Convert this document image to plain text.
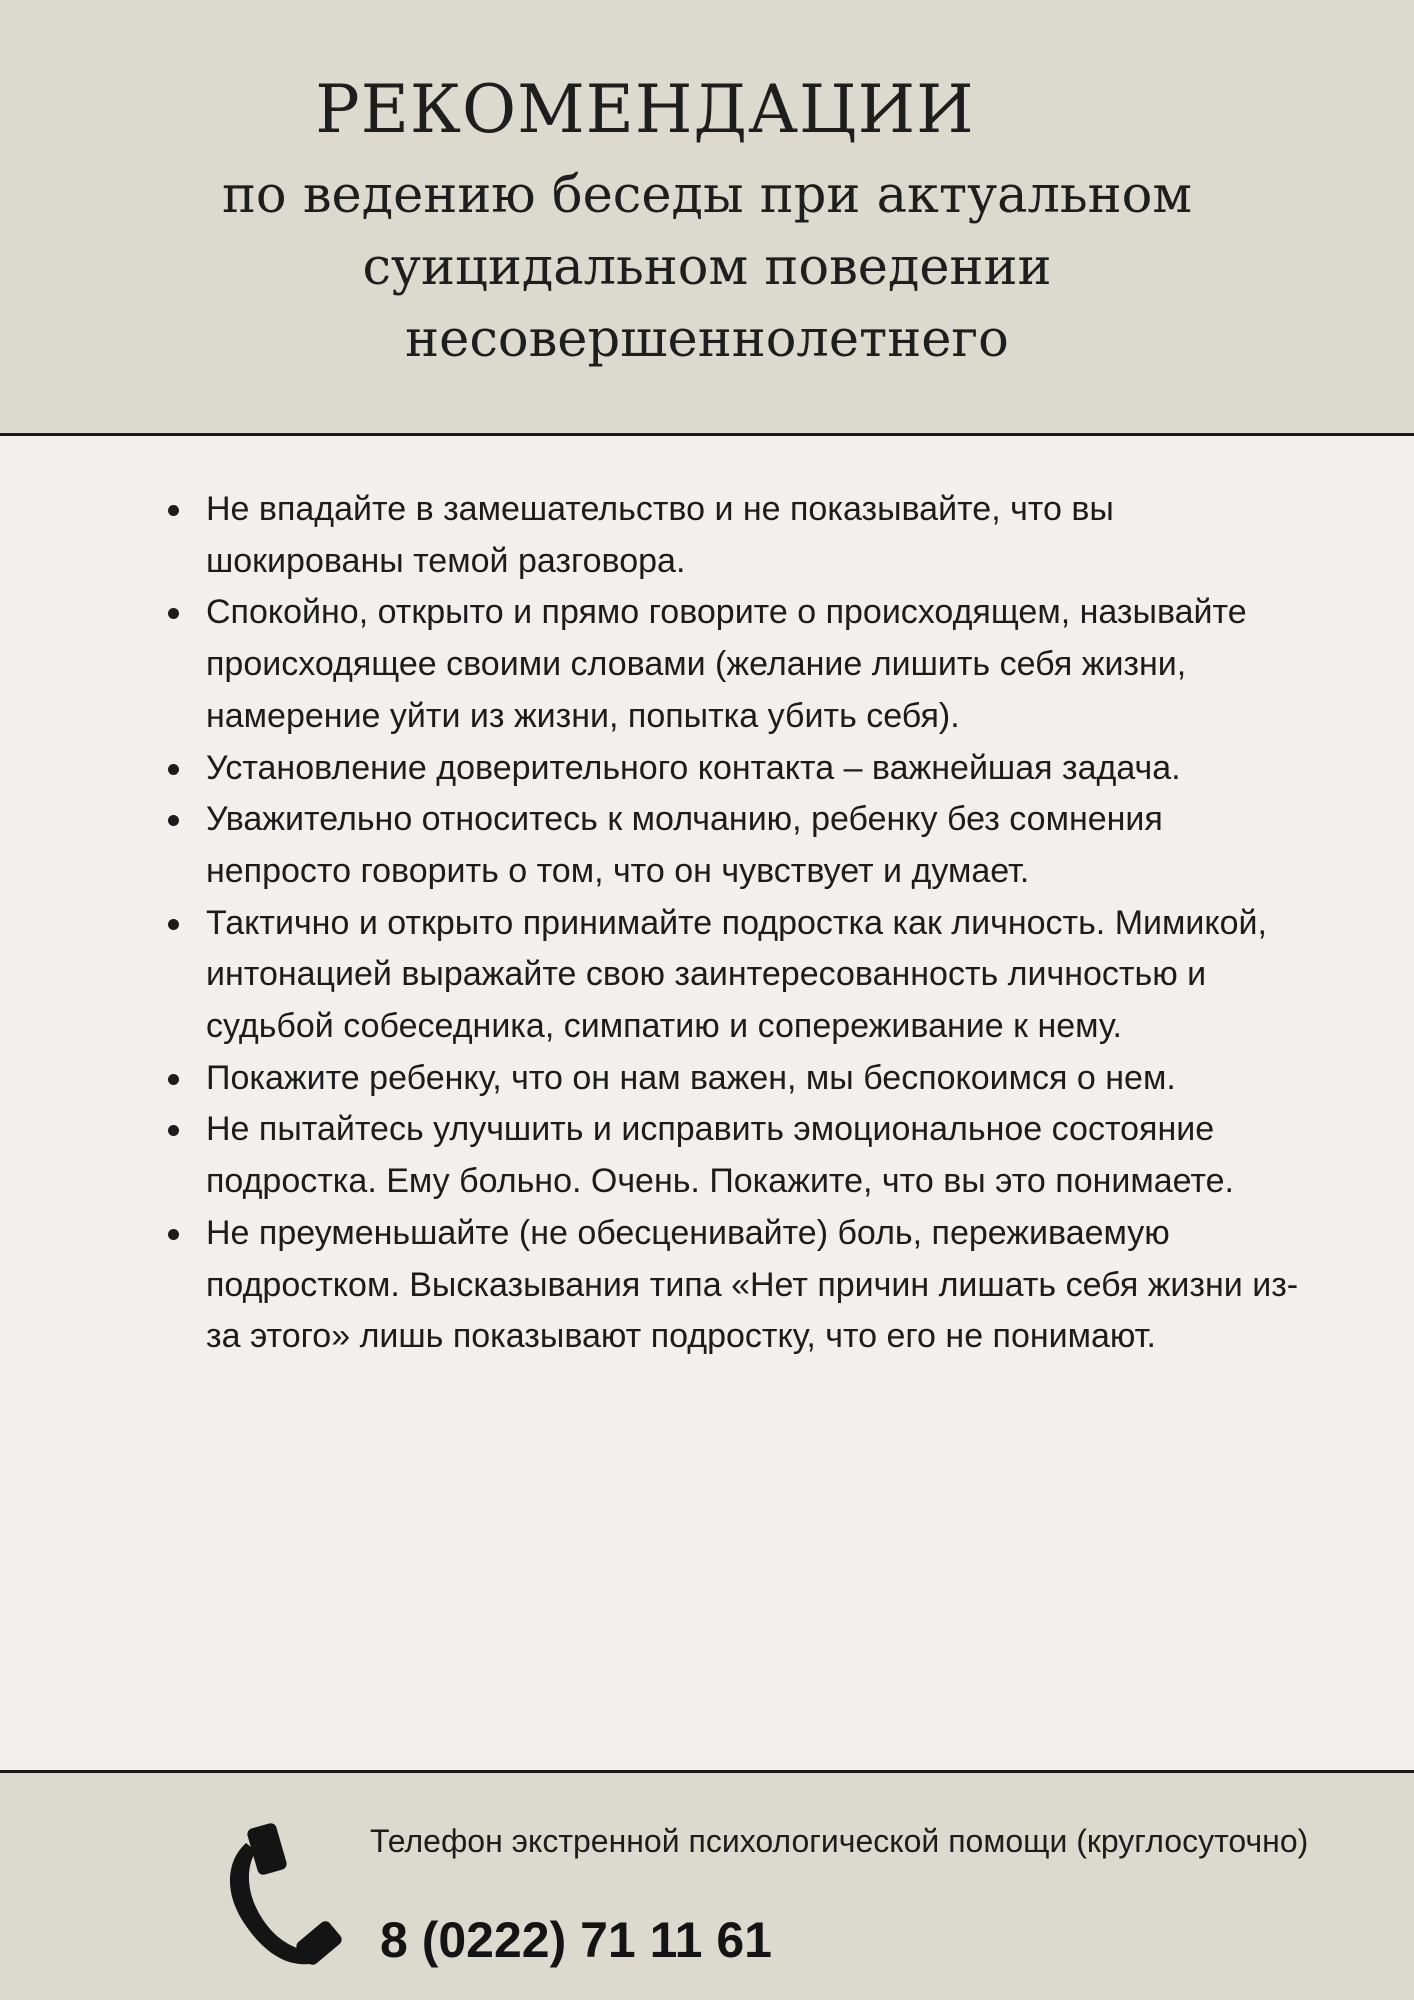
РЕКОМЕНДАЦИИ
по ведению беседы при актуальном
суицидальном поведении
несовершеннолетнего
Не впадайте в замешательство и не показывайте, что вы шокированы темой разговора.
Спокойно, открыто и прямо говорите о происходящем, называйте происходящее своими словами (желание лишить себя жизни, намерение уйти из жизни, попытка убить себя).
Установление доверительного контакта – важнейшая задача.
Уважительно относитесь к молчанию, ребенку без сомнения непросто говорить о том, что он чувствует и думает.
Тактично и открыто принимайте подростка как личность. Мимикой, интонацией выражайте свою заинтересованность личностью и судьбой собеседника, симпатию и сопереживание к нему.
Покажите ребенку, что он нам важен, мы беспокоимся о нем.
Не пытайтесь улучшить и исправить эмоциональное состояние подростка. Ему больно. Очень. Покажите, что вы это понимаете.
Не преуменьшайте (не обесценивайте) боль, переживаемую подростком. Высказывания типа «Нет причин лишать себя жизни из-за этого» лишь показывают подростку, что его не понимают.
Телефон экстренной психологической помощи (круглосуточно)
8 (0222) 71 11 61
